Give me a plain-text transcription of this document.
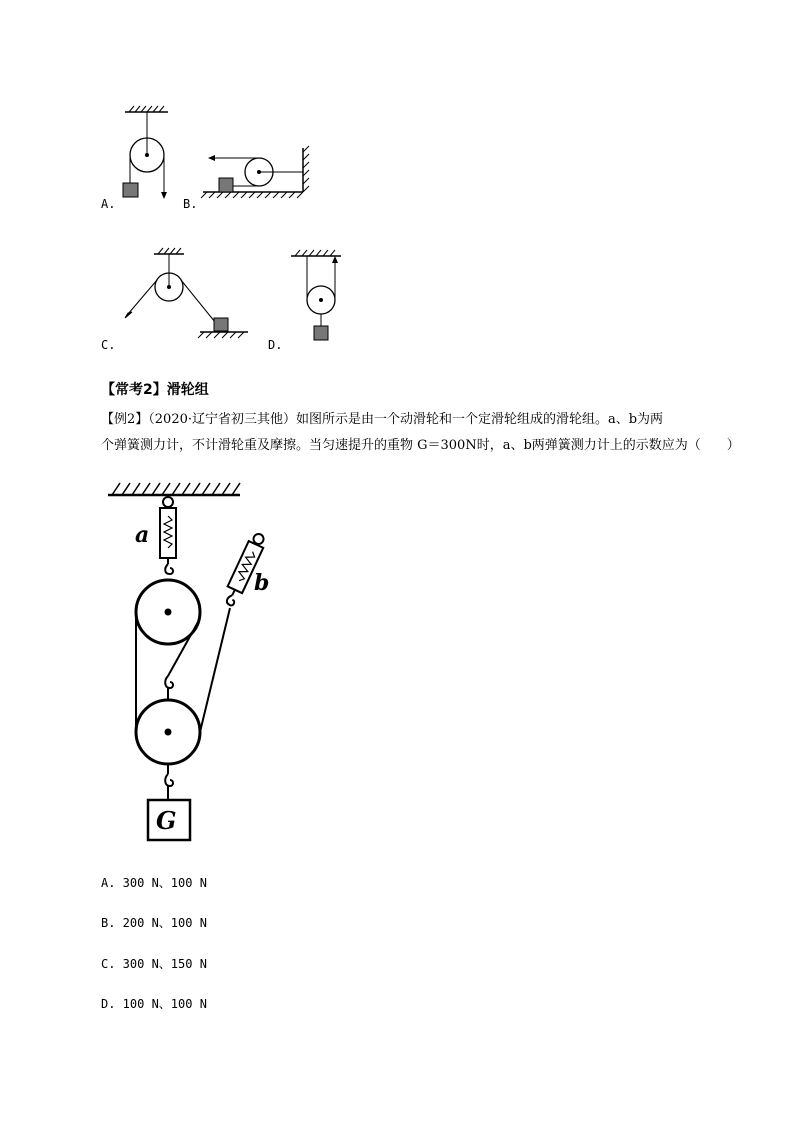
A.	B.
C.	D.
【常考2】滑轮组
【例2】（2020·辽宁省初三其他）如图所示是由一个动滑轮和一个定滑轮组成的滑轮组。a、b为两
个弹簧测力计，不计滑轮重及摩擦。当匀速提升的重物 G＝300N时，a、b两弹簧测力计上的示数应为（　　）
a
b
G
A. 300 N、100 N
B. 200 N、100 N
C. 300 N、150 N
D. 100 N、100 N
